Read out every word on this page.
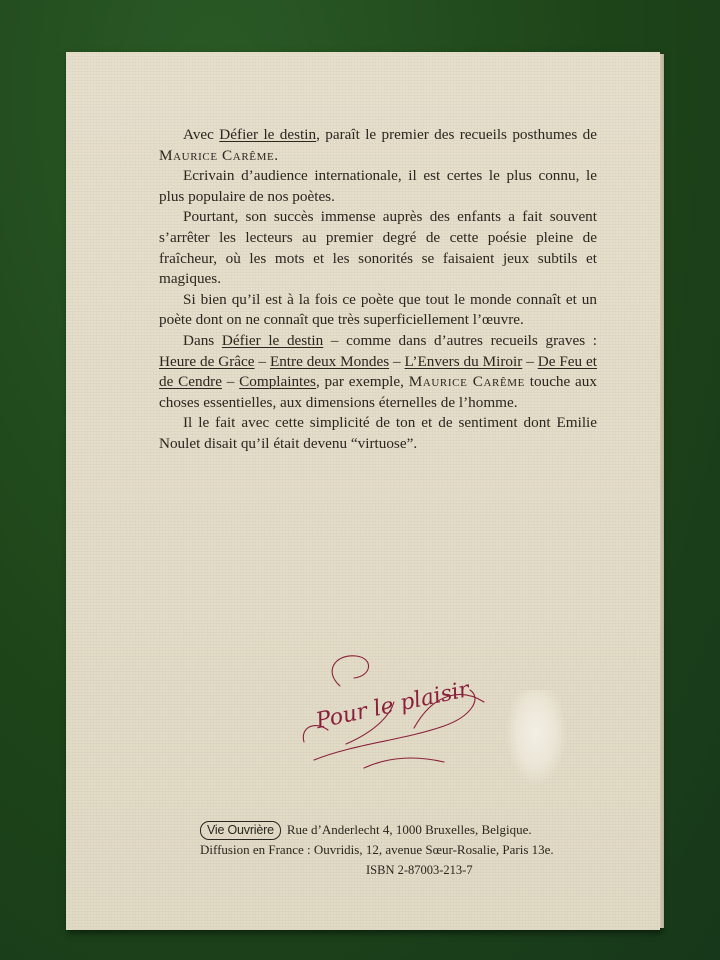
Avec Défier le destin, paraît le premier des recueils posthumes de Maurice Carême.

Ecrivain d’audience internationale, il est certes le plus connu, le plus populaire de nos poètes.

Pourtant, son succès immense auprès des enfants a fait souvent s’arrêter les lecteurs au premier degré de cette poésie pleine de fraîcheur, où les mots et les sonorités se faisaient jeux subtils et magiques.

Si bien qu’il est à la fois ce poète que tout le monde connaît et un poète dont on ne connaît que très superficiellement l’œuvre.

Dans Défier le destin – comme dans d’autres recueils graves : Heure de Grâce – Entre deux Mondes – L’Envers du Miroir – De Feu et de Cendre – Complaintes, par exemple, Maurice Carême touche aux choses essentielles, aux dimensions éternelles de l’homme.

Il le fait avec cette simplicité de ton et de sentiment dont Emilie Noulet disait qu’il était devenu “virtuose”.

Pour le plaisir
Vie Ouvrière	Rue d’Anderlecht 4, 1000 Bruxelles, Belgique.
Diffusion en France : Ouvridis, 12, avenue Sœur-Rosalie, Paris 13e.
ISBN 2-87003-213-7
